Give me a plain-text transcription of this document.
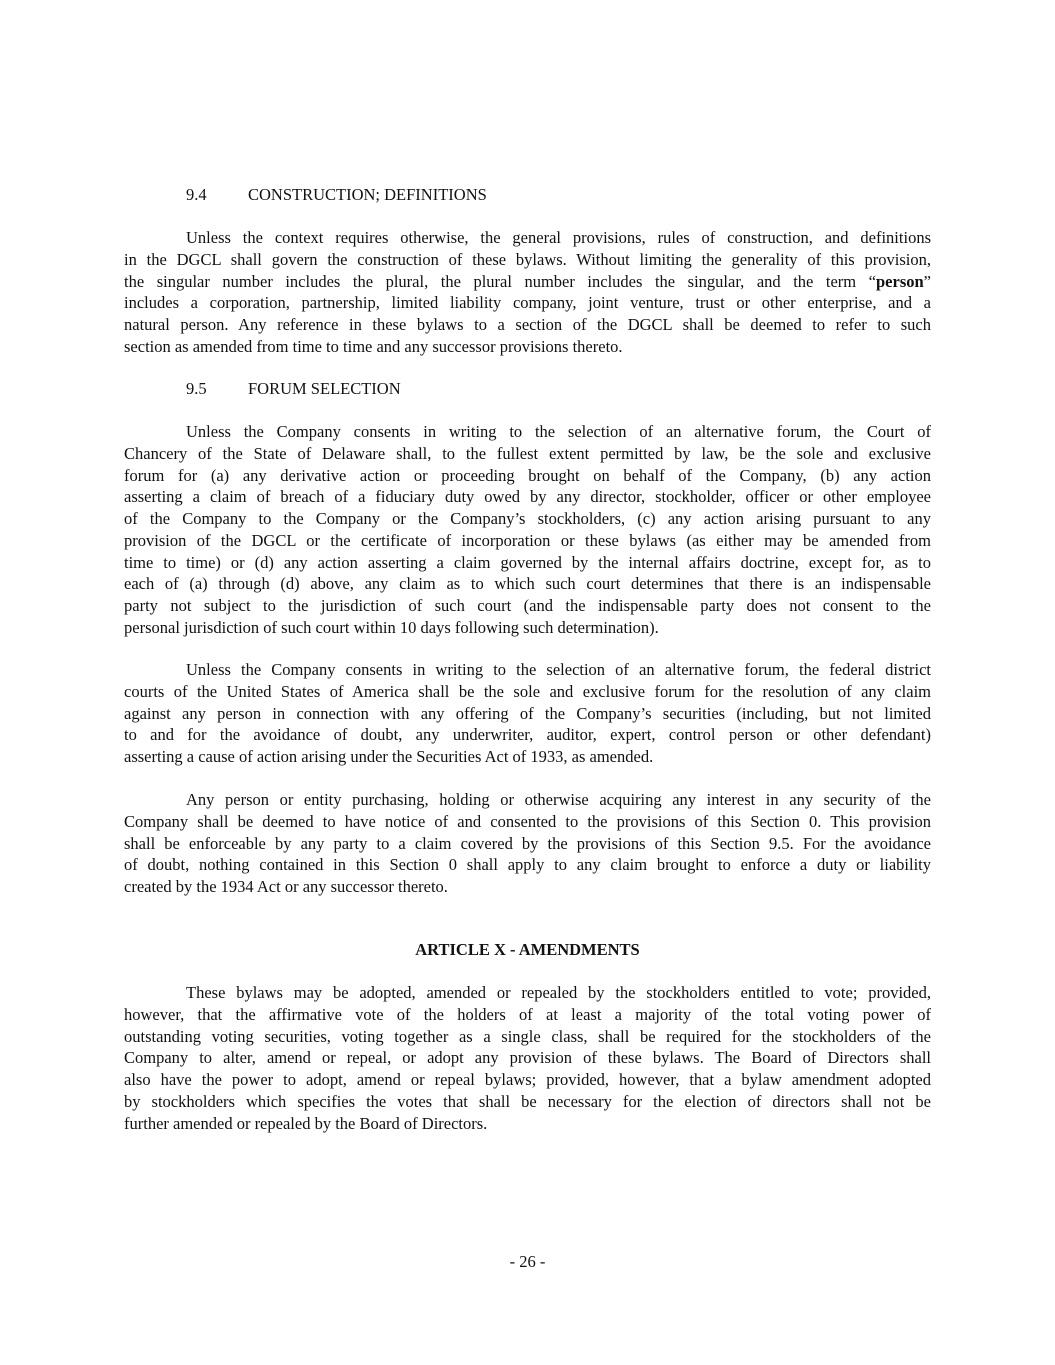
9.4	CONSTRUCTION; DEFINITIONS
Unless the context requires otherwise, the general provisions, rules of construction, and definitions
in the DGCL shall govern the construction of these bylaws. Without limiting the generality of this provision,
the singular number includes the plural, the plural number includes the singular, and the term “person”
includes a corporation, partnership, limited liability company, joint venture, trust or other enterprise, and a
natural person. Any reference in these bylaws to a section of the DGCL shall be deemed to refer to such
section as amended from time to time and any successor provisions thereto.
9.5	FORUM SELECTION
Unless the Company consents in writing to the selection of an alternative forum, the Court of
Chancery of the State of Delaware shall, to the fullest extent permitted by law, be the sole and exclusive
forum for (a) any derivative action or proceeding brought on behalf of the Company, (b) any action
asserting a claim of breach of a fiduciary duty owed by any director, stockholder, officer or other employee
of the Company to the Company or the Company’s stockholders, (c) any action arising pursuant to any
provision of the DGCL or the certificate of incorporation or these bylaws (as either may be amended from
time to time) or (d) any action asserting a claim governed by the internal affairs doctrine, except for, as to
each of (a) through (d) above, any claim as to which such court determines that there is an indispensable
party not subject to the jurisdiction of such court (and the indispensable party does not consent to the
personal jurisdiction of such court within 10 days following such determination).
Unless the Company consents in writing to the selection of an alternative forum, the federal district
courts of the United States of America shall be the sole and exclusive forum for the resolution of any claim
against any person in connection with any offering of the Company’s securities (including, but not limited
to and for the avoidance of doubt, any underwriter, auditor, expert, control person or other defendant)
asserting a cause of action arising under the Securities Act of 1933, as amended.
Any person or entity purchasing, holding or otherwise acquiring any interest in any security of the
Company shall be deemed to have notice of and consented to the provisions of this Section 0. This provision
shall be enforceable by any party to a claim covered by the provisions of this Section 9.5. For the avoidance
of doubt, nothing contained in this Section 0 shall apply to any claim brought to enforce a duty or liability
created by the 1934 Act or any successor thereto.
ARTICLE X - AMENDMENTS
These bylaws may be adopted, amended or repealed by the stockholders entitled to vote; provided,
however, that the affirmative vote of the holders of at least a majority of the total voting power of
outstanding voting securities, voting together as a single class, shall be required for the stockholders of the
Company to alter, amend or repeal, or adopt any provision of these bylaws. The Board of Directors shall
also have the power to adopt, amend or repeal bylaws; provided, however, that a bylaw amendment adopted
by stockholders which specifies the votes that shall be necessary for the election of directors shall not be
further amended or repealed by the Board of Directors.
- 26 -
